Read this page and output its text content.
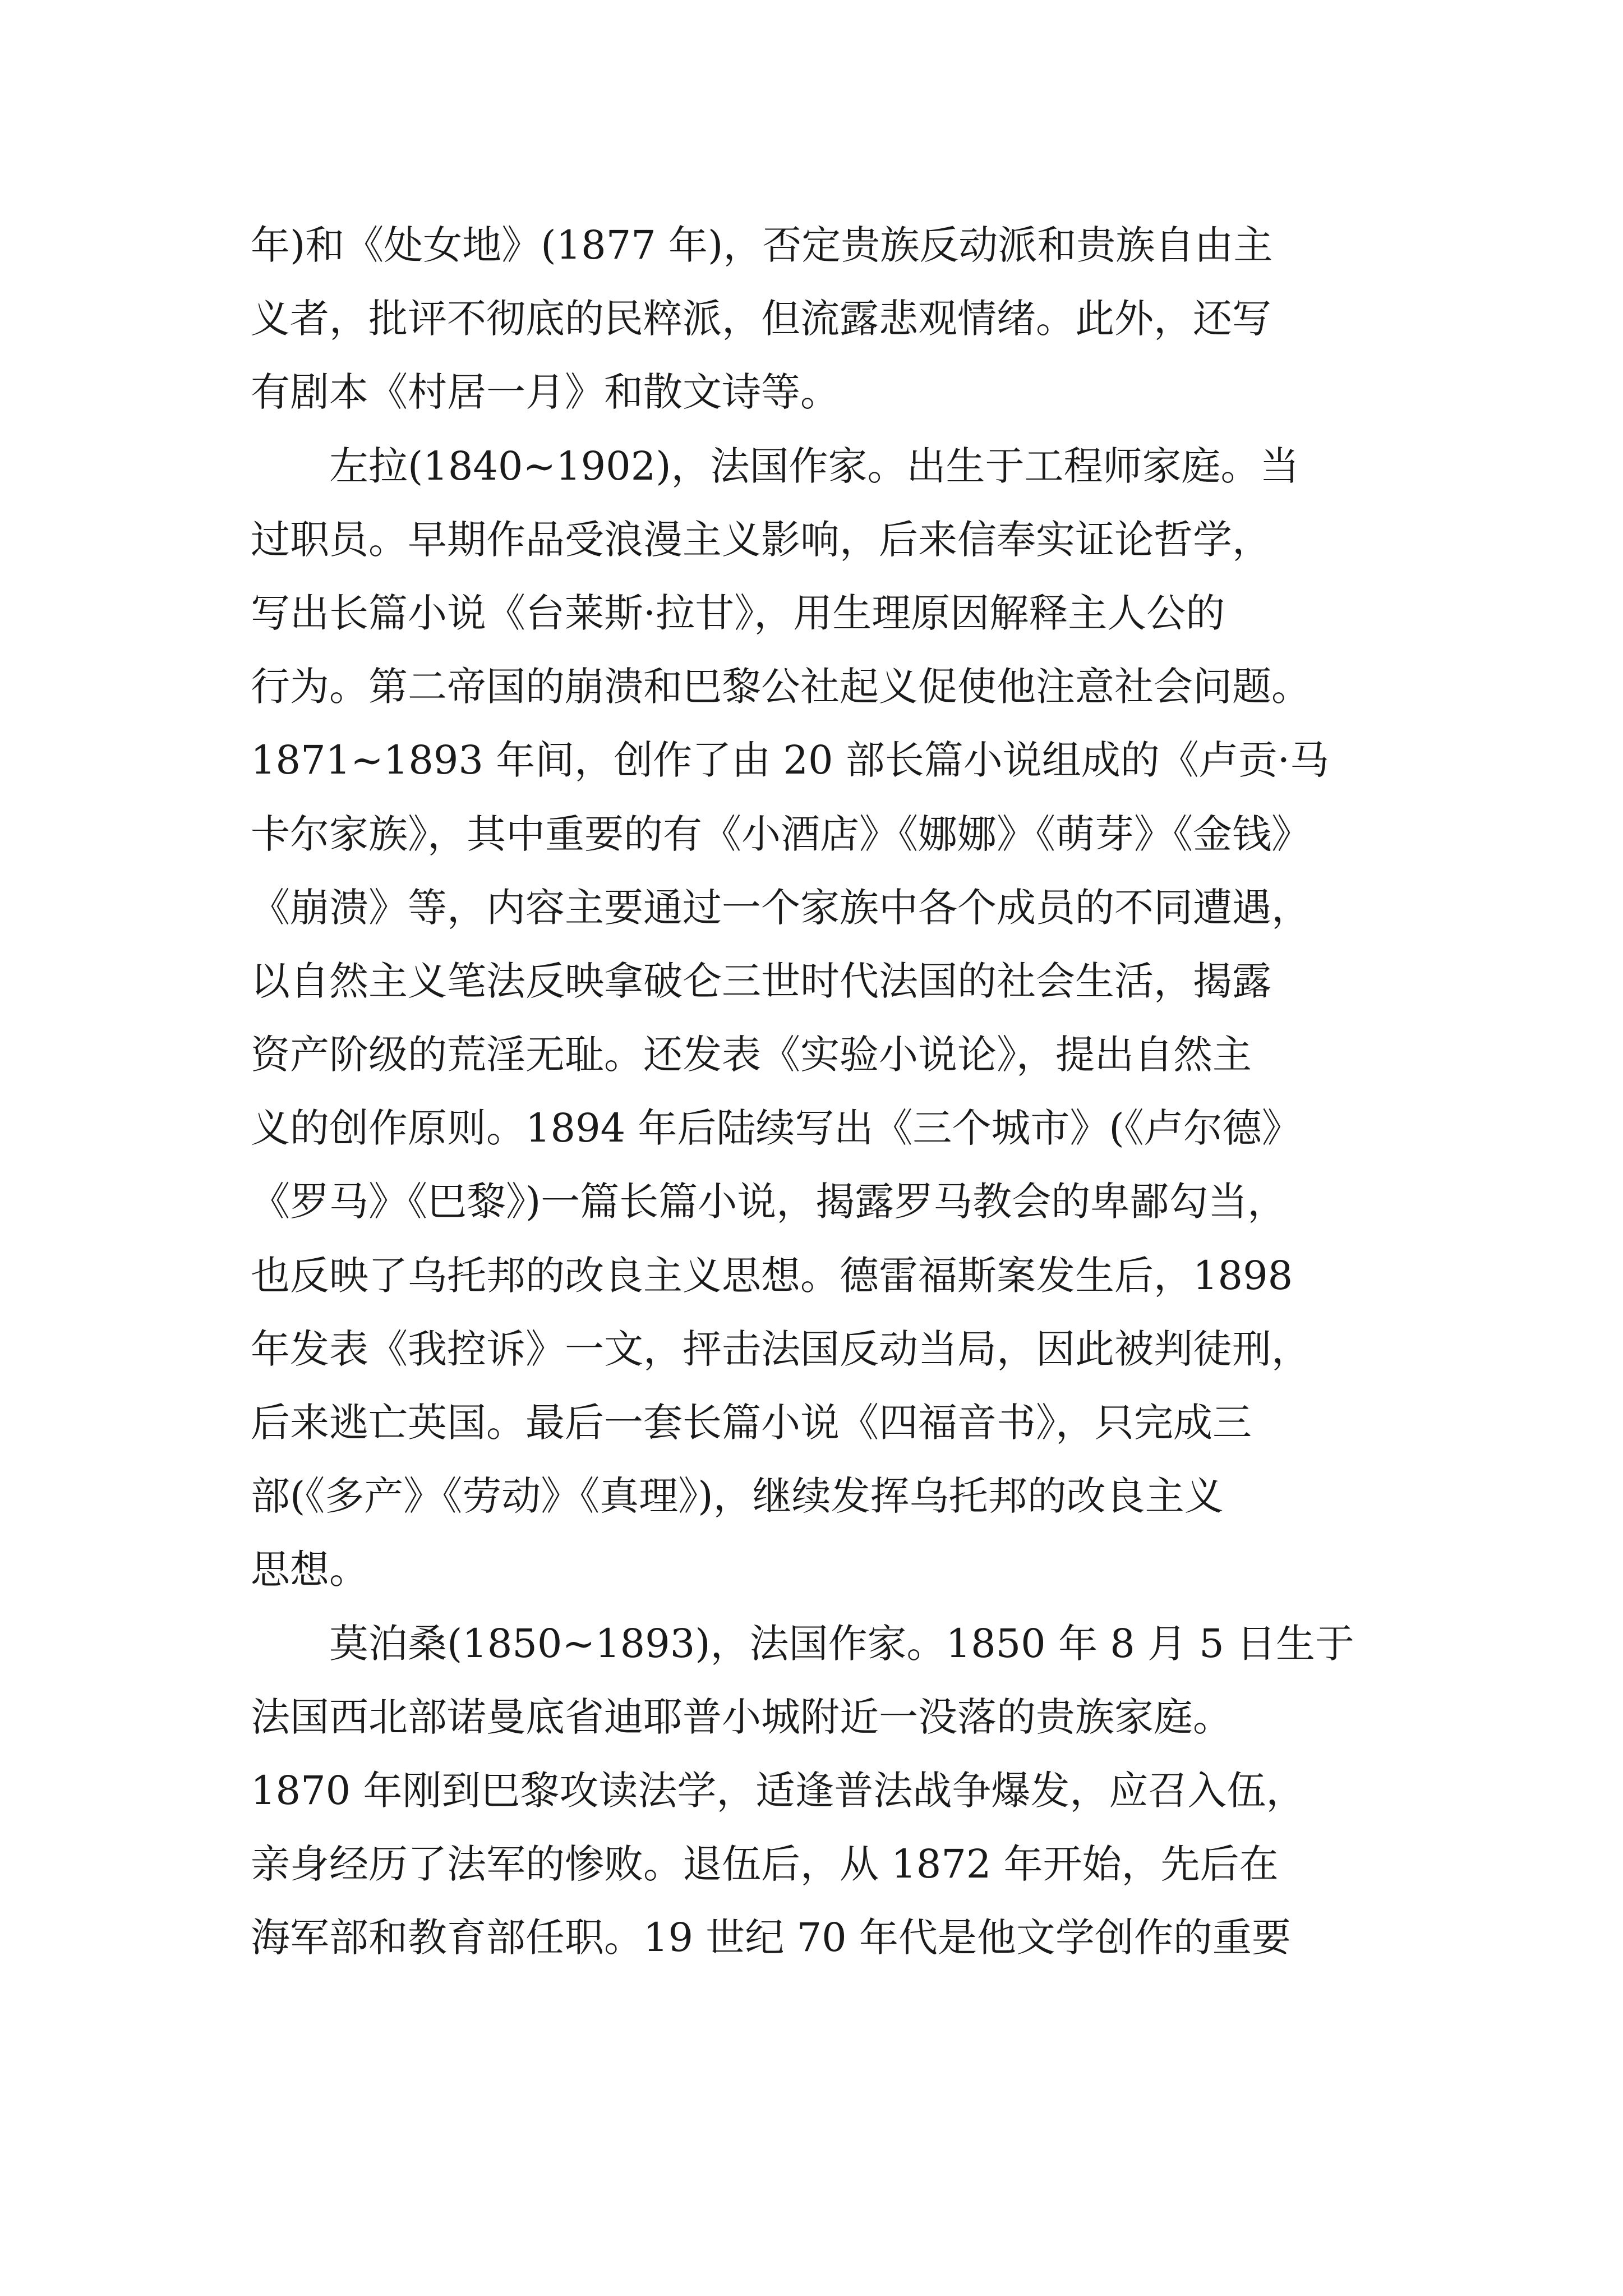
年)和《处女地》(1877 年)，否定贵族反动派和贵族自由主
义者，批评不彻底的民粹派，但流露悲观情绪。此外，还写
有剧本《村居一月》和散文诗等。
　　左拉(1840~1902)，法国作家。出生于工程师家庭。当
过职员。早期作品受浪漫主义影响，后来信奉实证论哲学，
写出长篇小说《台莱斯·拉甘》，用生理原因解释主人公的
行为。第二帝国的崩溃和巴黎公社起义促使他注意社会问题。
1871~1893 年间，创作了由 20 部长篇小说组成的《卢贡·马
卡尔家族》，其中重要的有《小酒店》《娜娜》《萌芽》《金钱》
《崩溃》等，内容主要通过一个家族中各个成员的不同遭遇，
以自然主义笔法反映拿破仑三世时代法国的社会生活，揭露
资产阶级的荒淫无耻。还发表《实验小说论》，提出自然主
义的创作原则。1894 年后陆续写出《三个城市》(《卢尔德》
《罗马》《巴黎》)一篇长篇小说，揭露罗马教会的卑鄙勾当，
也反映了乌托邦的改良主义思想。德雷福斯案发生后，1898
年发表《我控诉》一文，抨击法国反动当局，因此被判徒刑，
后来逃亡英国。最后一套长篇小说《四福音书》，只完成三
部(《多产》《劳动》《真理》)，继续发挥乌托邦的改良主义
思想。
　　莫泊桑(1850~1893)，法国作家。1850 年 8 月 5 日生于
法国西北部诺曼底省迪耶普小城附近一没落的贵族家庭。
1870 年刚到巴黎攻读法学，适逢普法战争爆发，应召入伍，
亲身经历了法军的惨败。退伍后，从 1872 年开始，先后在
海军部和教育部任职。19 世纪 70 年代是他文学创作的重要
